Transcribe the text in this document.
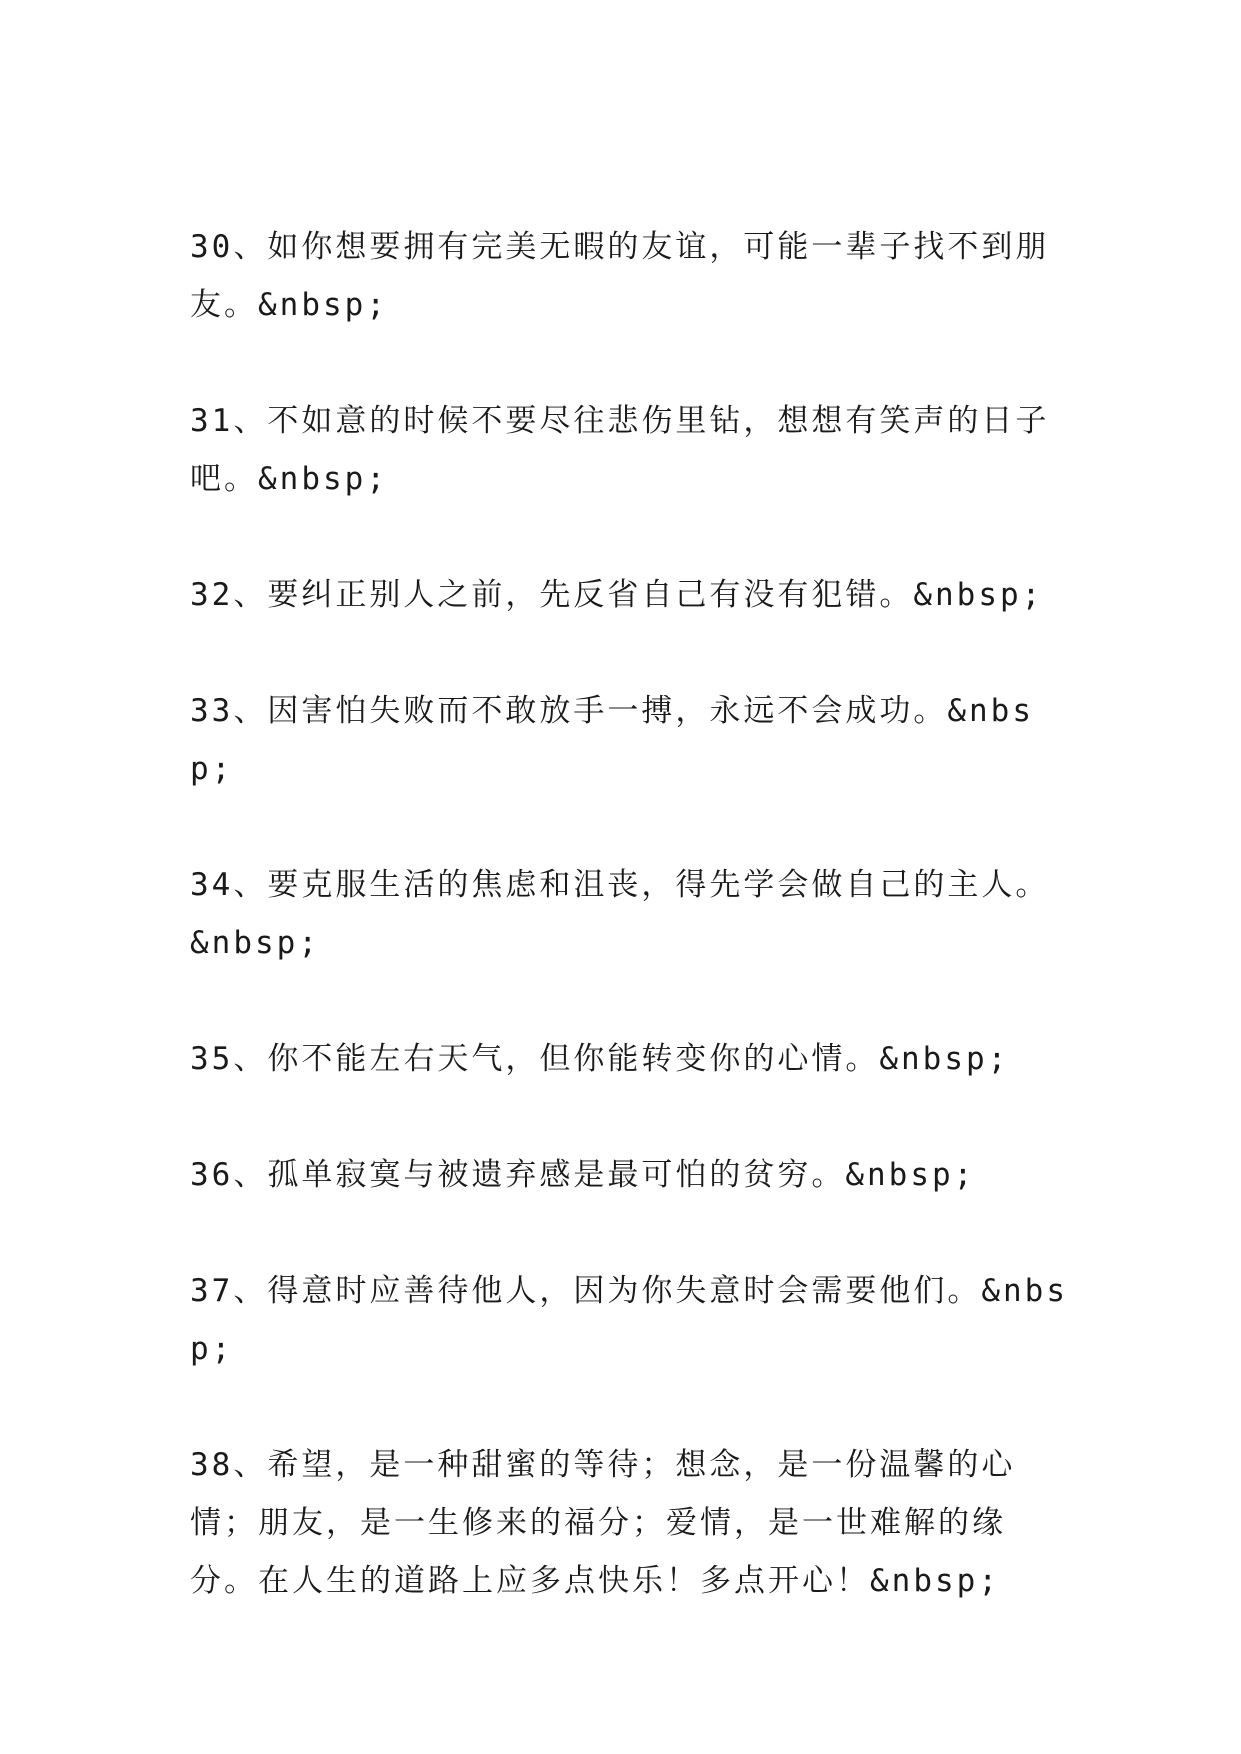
30、如你想要拥有完美无暇的友谊，可能一辈子找不到朋友。&nbsp;

31、不如意的时候不要尽往悲伤里钻，想想有笑声的日子吧。&nbsp;

32、要纠正别人之前，先反省自己有没有犯错。&nbsp;

33、因害怕失败而不敢放手一搏，永远不会成功。&nbsp;

34、要克服生活的焦虑和沮丧，得先学会做自己的主人。&nbsp;

35、你不能左右天气，但你能转变你的心情。&nbsp;

36、孤单寂寞与被遗弃感是最可怕的贫穷。&nbsp;

37、得意时应善待他人，因为你失意时会需要他们。&nbsp;

38、希望，是一种甜蜜的等待；想念，是一份温馨的心情；朋友，是一生修来的福分；爱情，是一世难解的缘分。在人生的道路上应多点快乐！多点开心！&nbsp;
